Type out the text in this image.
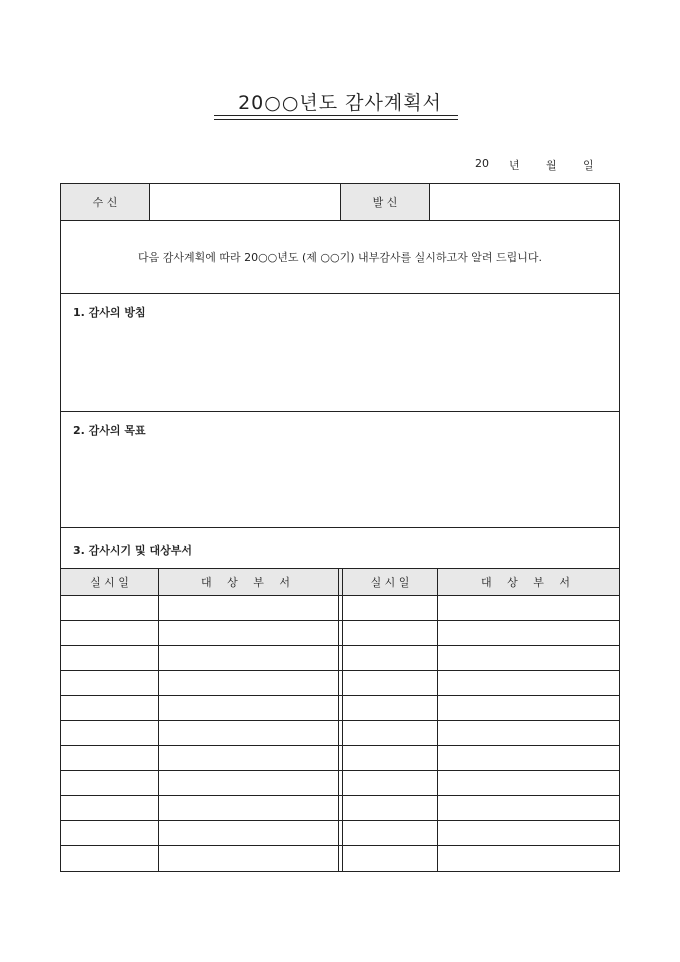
20○○년도 감사계획서
20 년 월 일
수 신	발 신
다음 감사계획에 따라 20○○년도 (제 ○○기) 내부감사를 실시하고자 알려 드립니다.
1. 감사의 방침
2. 감사의 목표
3. 감사시기 및 대상부서
실 시 일	대 상 부 서	실 시 일	대 상 부 서
